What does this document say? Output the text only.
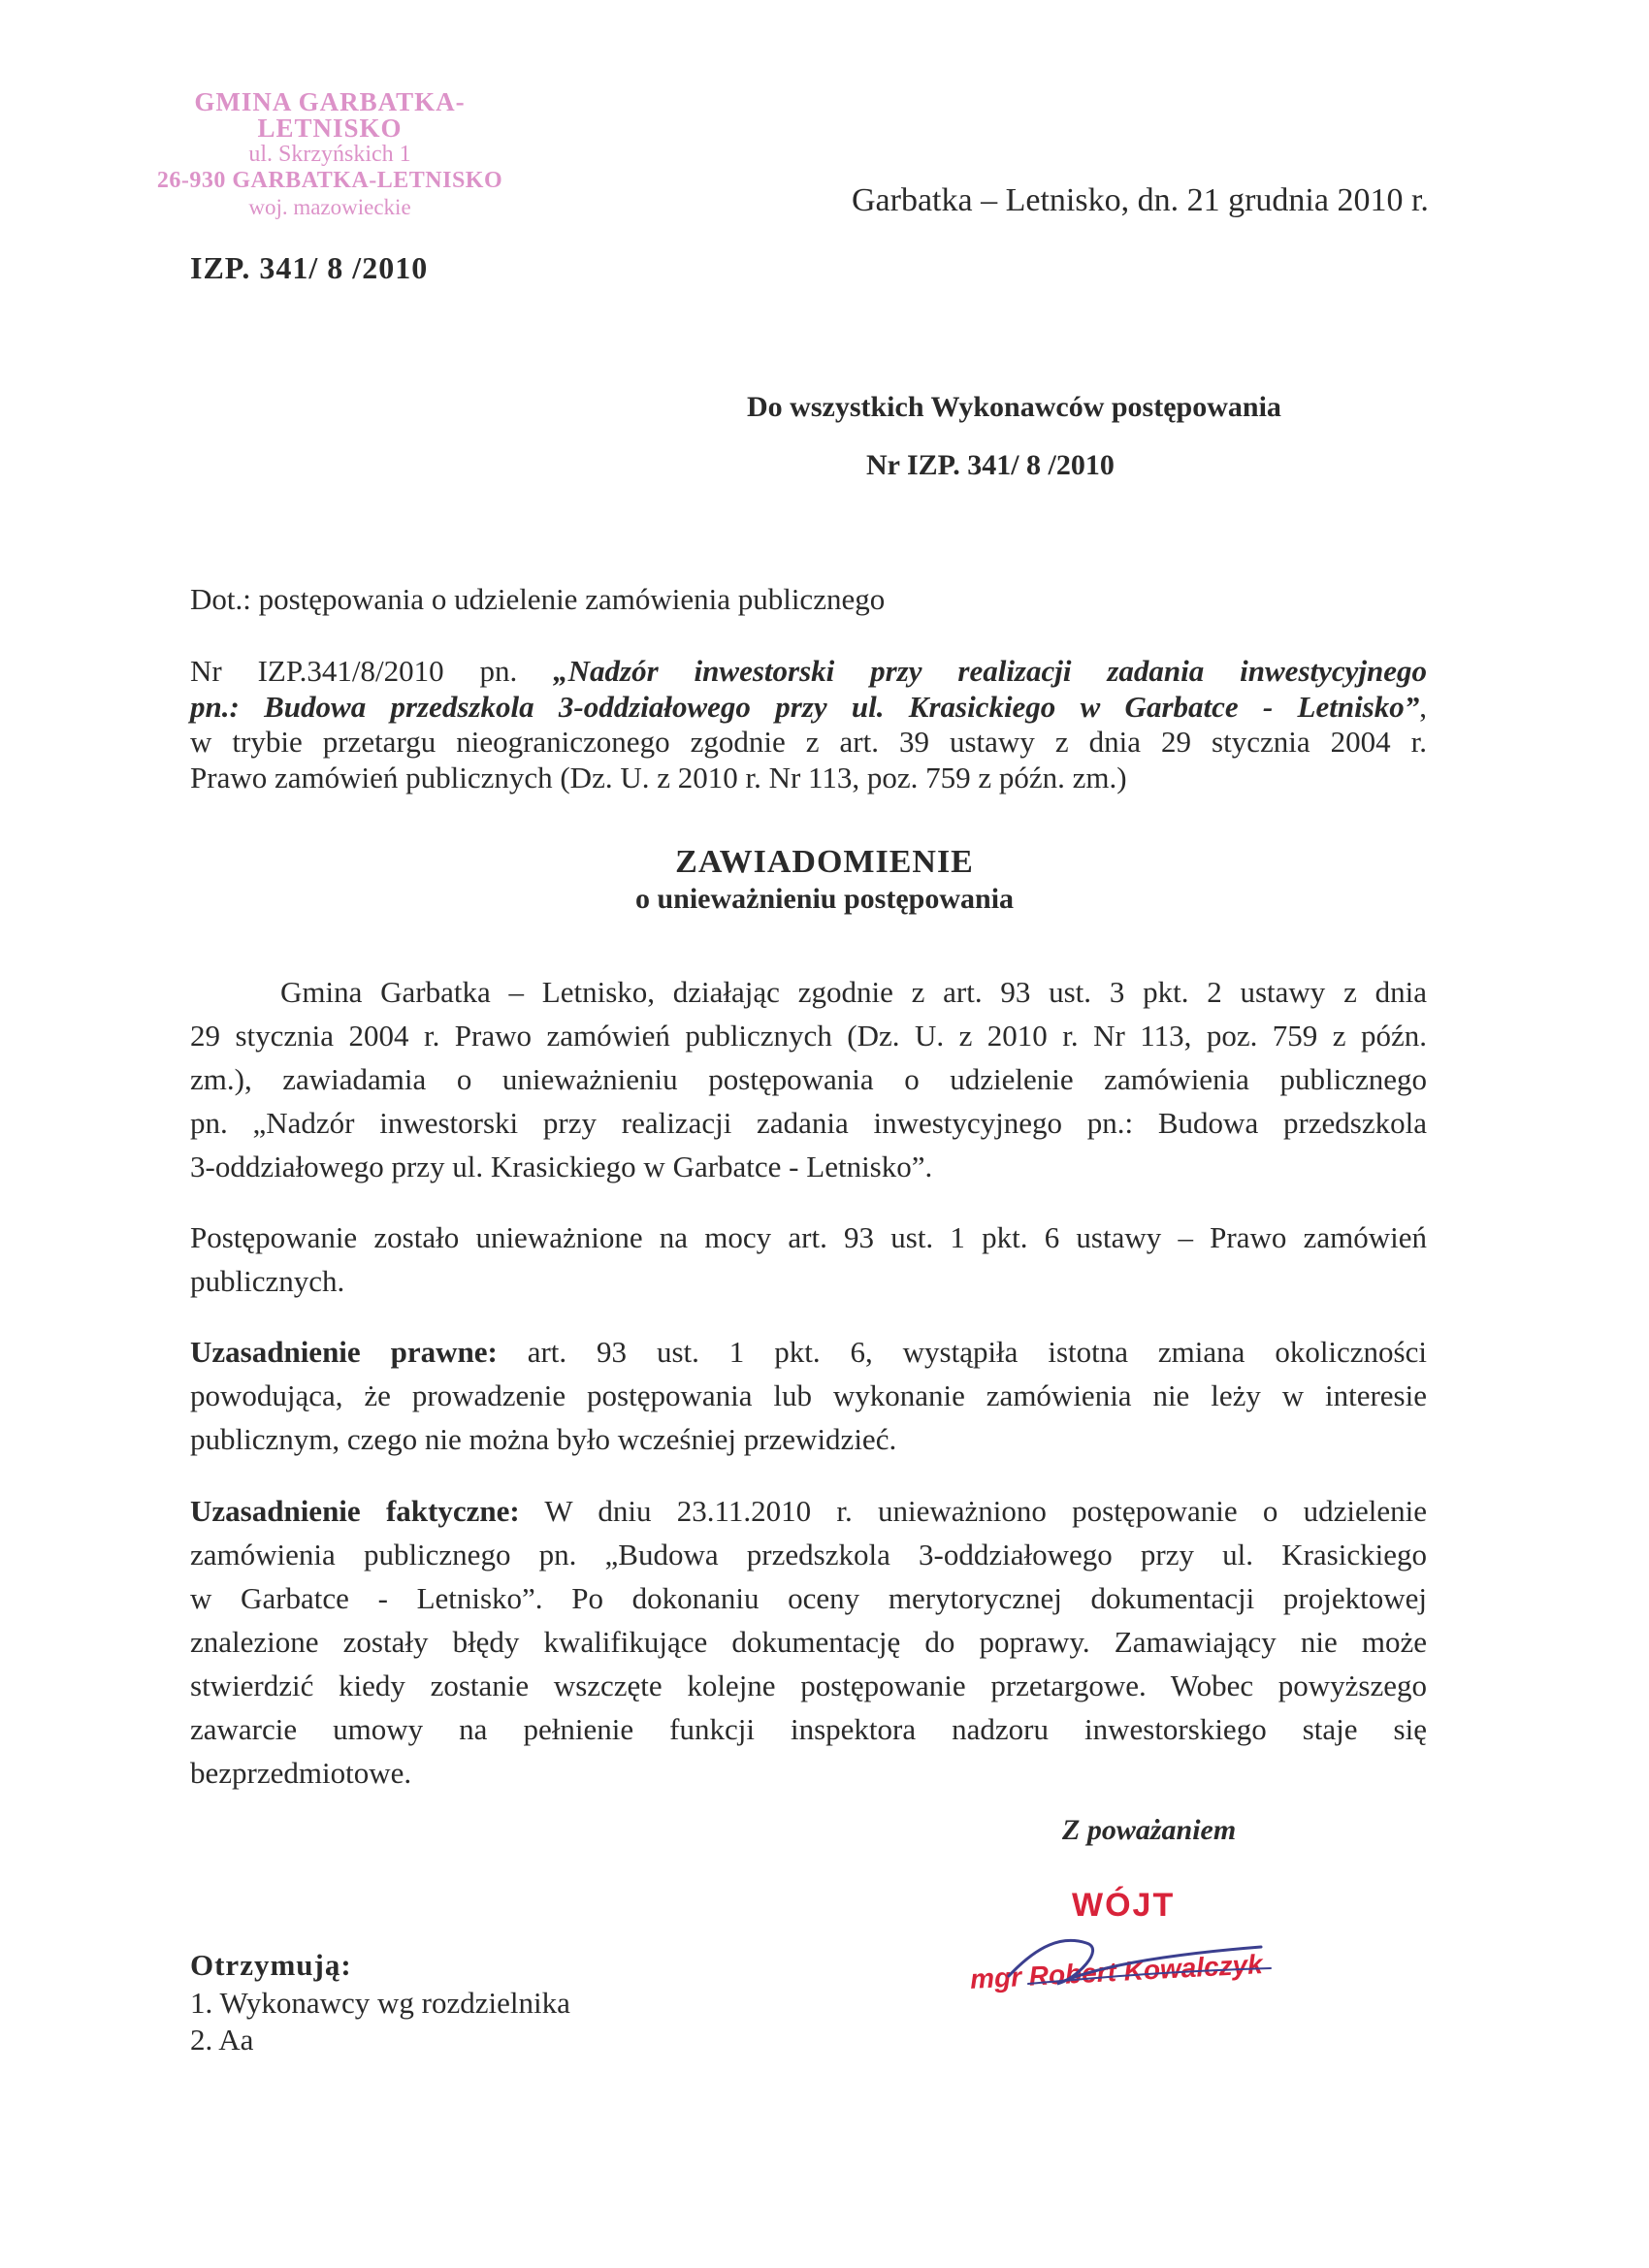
GMINA GARBATKA-LETNISKO
ul. Skrzyńskich 1
26-930 GARBATKA-LETNISKO
woj. mazowieckie	Garbatka – Letnisko, dn. 21 grudnia 2010 r.
IZP. 341/ 8 /2010
Do wszystkich Wykonawców postępowania
Nr IZP. 341/ 8 /2010
Dot.: postępowania o udzielenie zamówienia publicznego
Nr IZP.341/8/2010 pn. „Nadzór inwestorski przy realizacji zadania inwestycyjnego
pn.: Budowa przedszkola 3-oddziałowego przy ul. Krasickiego w Garbatce - Letnisko”,
w trybie przetargu nieograniczonego zgodnie z art. 39 ustawy z dnia 29 stycznia 2004 r.
Prawo zamówień publicznych (Dz. U. z 2010 r. Nr 113, poz. 759 z późn. zm.)
ZAWIADOMIENIE
o unieważnieniu postępowania
Gmina Garbatka – Letnisko, działając zgodnie z art. 93 ust. 3 pkt. 2 ustawy z dnia
29 stycznia 2004 r. Prawo zamówień publicznych (Dz. U. z 2010 r. Nr 113, poz. 759 z późn.
zm.), zawiadamia o unieważnieniu postępowania o udzielenie zamówienia publicznego
pn. „Nadzór inwestorski przy realizacji zadania inwestycyjnego pn.: Budowa przedszkola
3-oddziałowego przy ul. Krasickiego w Garbatce - Letnisko”.
Postępowanie zostało unieważnione na mocy art. 93 ust. 1 pkt. 6 ustawy – Prawo zamówień
publicznych.
Uzasadnienie prawne: art. 93 ust. 1 pkt. 6, wystąpiła istotna zmiana okoliczności
powodująca, że prowadzenie postępowania lub wykonanie zamówienia nie leży w interesie
publicznym, czego nie można było wcześniej przewidzieć.
Uzasadnienie faktyczne: W dniu 23.11.2010 r. unieważniono postępowanie o udzielenie
zamówienia publicznego pn. „Budowa przedszkola 3-oddziałowego przy ul. Krasickiego
w Garbatce - Letnisko”. Po dokonaniu oceny merytorycznej dokumentacji projektowej
znalezione zostały błędy kwalifikujące dokumentację do poprawy. Zamawiający nie może
stwierdzić kiedy zostanie wszczęte kolejne postępowanie przetargowe. Wobec powyższego
zawarcie umowy na pełnienie funkcji inspektora nadzoru inwestorskiego staje się
bezprzedmiotowe.
Z poważaniem
WÓJT
mgr Robert Kowalczyk
Otrzymują:
1. Wykonawcy wg rozdzielnika
2. Aa
